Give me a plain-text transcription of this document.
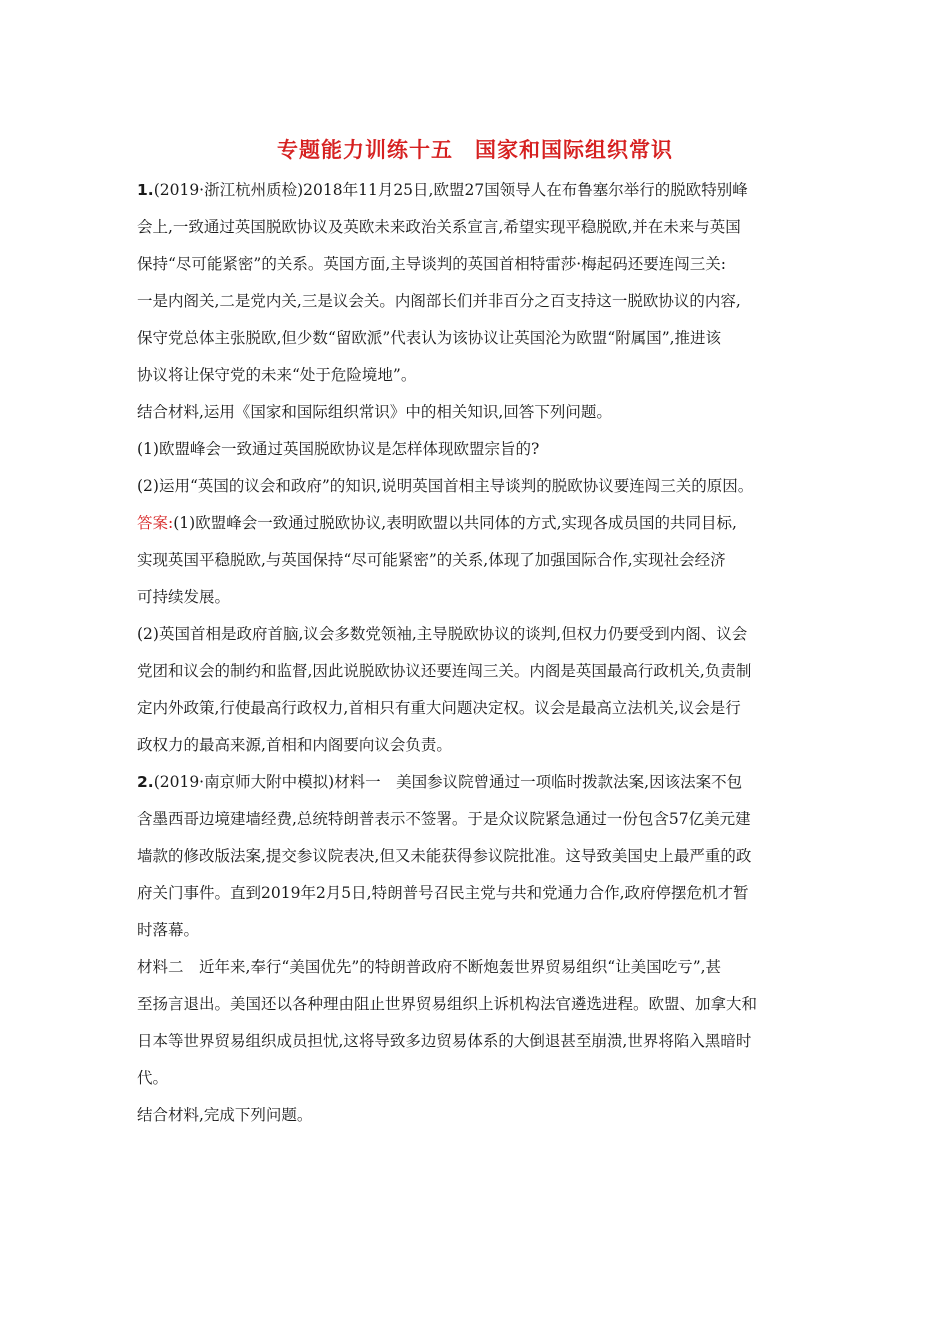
专题能力训练十五　国家和国际组织常识
1.(2019·浙江杭州质检)2018年11月25日,欧盟27国领导人在布鲁塞尔举行的脱欧特别峰
会上,一致通过英国脱欧协议及英欧未来政治关系宣言,希望实现平稳脱欧,并在未来与英国
保持“尽可能紧密”的关系。英国方面,主导谈判的英国首相特雷莎·梅起码还要连闯三关:
一是内阁关,二是党内关,三是议会关。内阁部长们并非百分之百支持这一脱欧协议的内容,
保守党总体主张脱欧,但少数“留欧派”代表认为该协议让英国沦为欧盟“附属国”,推进该
协议将让保守党的未来“处于危险境地”。
结合材料,运用《国家和国际组织常识》中的相关知识,回答下列问题。
(1)欧盟峰会一致通过英国脱欧协议是怎样体现欧盟宗旨的?
(2)运用“英国的议会和政府”的知识,说明英国首相主导谈判的脱欧协议要连闯三关的原因。
答案:(1)欧盟峰会一致通过脱欧协议,表明欧盟以共同体的方式,实现各成员国的共同目标,
实现英国平稳脱欧,与英国保持“尽可能紧密”的关系,体现了加强国际合作,实现社会经济
可持续发展。
(2)英国首相是政府首脑,议会多数党领袖,主导脱欧协议的谈判,但权力仍要受到内阁、议会
党团和议会的制约和监督,因此说脱欧协议还要连闯三关。内阁是英国最高行政机关,负责制
定内外政策,行使最高行政权力,首相只有重大问题决定权。议会是最高立法机关,议会是行
政权力的最高来源,首相和内阁要向议会负责。
2.(2019·南京师大附中模拟)材料一　美国参议院曾通过一项临时拨款法案,因该法案不包
含墨西哥边境建墙经费,总统特朗普表示不签署。于是众议院紧急通过一份包含57亿美元建
墙款的修改版法案,提交参议院表决,但又未能获得参议院批准。这导致美国史上最严重的政
府关门事件。直到2019年2月5日,特朗普号召民主党与共和党通力合作,政府停摆危机才暂
时落幕。
材料二　近年来,奉行“美国优先”的特朗普政府不断炮轰世界贸易组织“让美国吃亏”,甚
至扬言退出。美国还以各种理由阻止世界贸易组织上诉机构法官遴选进程。欧盟、加拿大和
日本等世界贸易组织成员担忧,这将导致多边贸易体系的大倒退甚至崩溃,世界将陷入黑暗时
代。
结合材料,完成下列问题。
